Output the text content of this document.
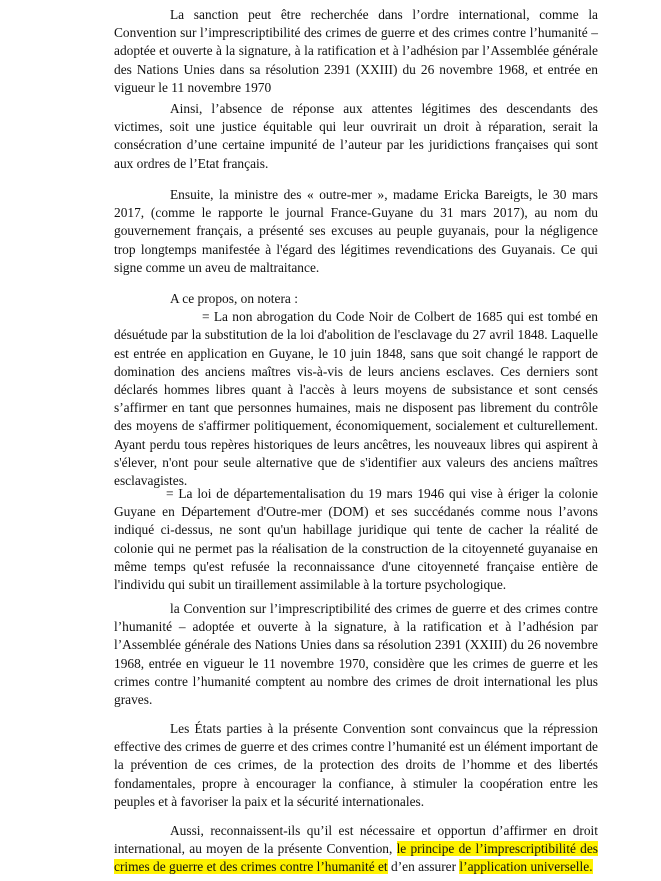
La sanction peut être recherchée dans l’ordre international, comme la Convention sur l’imprescriptibilité des crimes de guerre et des crimes contre l’humanité – adoptée et ouverte à la signature, à la ratification et à l’adhésion par l’Assemblée générale des Nations Unies dans sa résolution 2391 (XXIII) du 26 novembre 1968, et entrée en vigueur le 11 novembre 1970

Ainsi, l’absence de réponse aux attentes légitimes des descendants des victimes, soit une justice équitable qui leur ouvrirait un droit à réparation, serait la consécration d’une certaine impunité de l’auteur par les juridictions françaises qui sont aux ordres de l’Etat français.

Ensuite, la ministre des « outre-mer », madame Ericka Bareigts, le 30 mars 2017, (comme le rapporte le journal France-Guyane du 31 mars 2017), au nom du gouvernement français, a présenté ses excuses au peuple guyanais, pour la négligence trop longtemps manifestée à l'égard des légitimes revendications des Guyanais. Ce qui signe comme un aveu de maltraitance.

A ce propos, on notera :
= La non abrogation du Code Noir de Colbert de 1685 qui est tombé en désuétude par la substitution de la loi d'abolition de l'esclavage du 27 avril 1848. Laquelle est entrée en application en Guyane, le 10 juin 1848, sans que soit changé le rapport de domination des anciens maîtres vis-à-vis de leurs anciens esclaves. Ces derniers sont déclarés hommes libres quant à l'accès à leurs moyens de subsistance et sont censés s’affirmer en tant que personnes humaines, mais ne disposent pas librement du contrôle des moyens de s'affirmer politiquement, économiquement, socialement et culturellement. Ayant perdu tous repères historiques de leurs ancêtres, les nouveaux libres qui aspirent à s'élever, n'ont pour seule alternative que de s'identifier aux valeurs des anciens maîtres esclavagistes.

= La loi de départementalisation du 19 mars 1946 qui vise à ériger la colonie Guyane en Département d'Outre-mer (DOM) et ses succédanés comme nous l’avons indiqué ci-dessus, ne sont qu'un habillage juridique qui tente de cacher la réalité de colonie qui ne permet pas la réalisation de la construction de la citoyenneté guyanaise en même temps qu'est refusée la reconnaissance d'une citoyenneté française entière de l'individu qui subit un tiraillement assimilable à la torture psychologique.

la Convention sur l’imprescriptibilité des crimes de guerre et des crimes contre l’humanité – adoptée et ouverte à la signature, à la ratification et à l’adhésion par l’Assemblée générale des Nations Unies dans sa résolution 2391 (XXIII) du 26 novembre 1968, entrée en vigueur le 11 novembre 1970, considère que les crimes de guerre et les crimes contre l’humanité comptent au nombre des crimes de droit international les plus graves.

Les États parties à la présente Convention sont convaincus que la répression effective des crimes de guerre et des crimes contre l’humanité est un élément important de la prévention de ces crimes, de la protection des droits de l’homme et des libertés fondamentales, propre à encourager la confiance, à stimuler la coopération entre les peuples et à favoriser la paix et la sécurité internationales.

Aussi, reconnaissent-ils qu’il est nécessaire et opportun d’affirmer en droit international, au moyen de la présente Convention, le principe de l’imprescriptibilité des crimes de guerre et des crimes contre l’humanité et d’en assurer l’application universelle.
